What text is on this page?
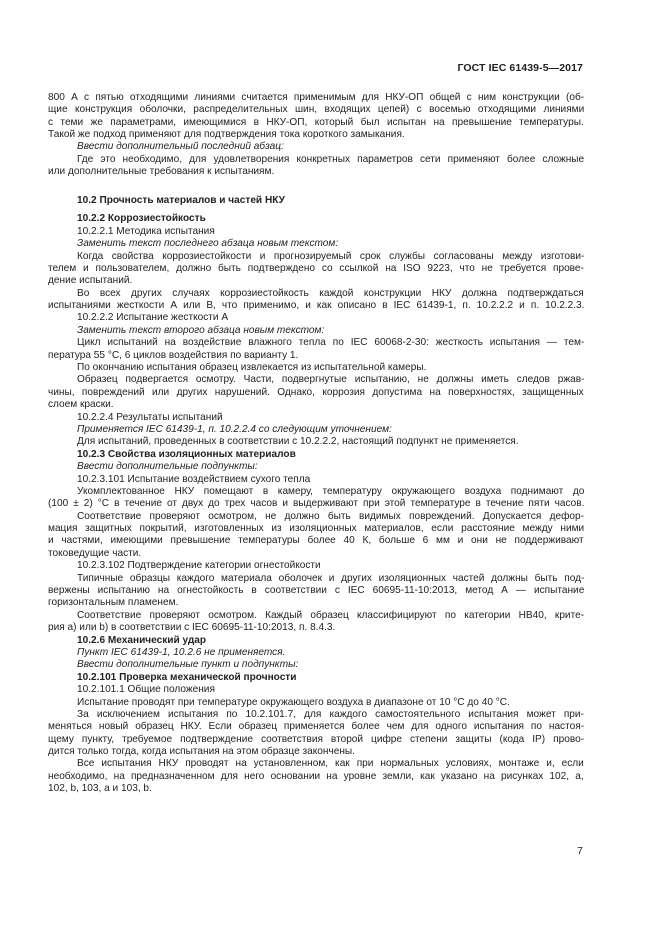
ГОСТ IEC 61439-5—2017
800 А с пятью отходящими линиями считается применимым для НКУ-ОП общей с ним конструкции (об-
щие конструкция оболочки, распределительных шин, входящих цепей) с восемью отходящими линиями
с теми же параметрами, имеющимися в НКУ-ОП, который был испытан на превышение температуры.
Такой же подход применяют для подтверждения тока короткого замыкания.
Ввести дополнительный последний абзац:
Где это необходимо, для удовлетворения конкретных параметров сети применяют более сложные
или дополнительные требования к испытаниям.
10.2 Прочность материалов и частей НКУ
10.2.2 Коррозиестойкость
10.2.2.1 Методика испытания
Заменить текст последнего абзаца новым текстом:
Когда свойства коррозиестойкости и прогнозируемый срок службы согласованы между изготови-
телем и пользователем, должно быть подтверждено со ссылкой на ISO 9223, что не требуется прове-
дение испытаний.
Во всех других случаях коррозиестойкость каждой конструкции НКУ должна подтверждаться
испытаниями жесткости А или В, что применимо, и как описано в IEC 61439-1, п. 10.2.2.2 и п. 10.2.2.3.
10.2.2.2 Испытание жесткости А
Заменить текст второго абзаца новым текстом:
Цикл испытаний на воздействие влажного тепла по IEC 60068-2-30: жесткость испытания — тем-
пература 55 °С, 6 циклов воздействия по варианту 1.
По окончанию испытания образец извлекается из испытательной камеры.
Образец подвергается осмотру. Части, подвергнутые испытанию, не должны иметь следов ржав-
чины, повреждений или других нарушений. Однако, коррозия допустима на поверхностях, защищенных
слоем краски.
10.2.2.4 Результаты испытаний
Применяется IEC 61439-1, п. 10.2.2.4 со следующим уточнением:
Для испытаний, проведенных в соответствии с 10.2.2.2, настоящий подпункт не применяется.
10.2.3 Свойства изоляционных материалов
Ввести дополнительные подпункты:
10.2.3.101 Испытание воздействием сухого тепла
Укомплектованное НКУ помещают в камеру, температуру окружающего воздуха поднимают до
(100 ± 2) °С в течение от двух до трех часов и выдерживают при этой температуре в течение пяти часов.
Соответствие проверяют осмотром, не должно быть видимых повреждений. Допускается дефор-
мация защитных покрытий, изготовленных из изоляционных материалов, если расстояние между ними
и частями, имеющими превышение температуры более 40 К, больше 6 мм и они не поддерживают
токоведущие части.
10.2.3.102 Подтверждение категории огнестойкости
Типичные образцы каждого материала оболочек и других изоляционных частей должны быть под-
вержены испытанию на огнестойкость в соответствии с IEC 60695-11-10:2013, метод А — испытание
горизонтальным пламенем.
Соответствие проверяют осмотром. Каждый образец классифицируют по категории НВ40, крите-
рия а) или b) в соответствии с IEC 60695-11-10:2013, п. 8.4.3.
10.2.6 Механический удар
Пункт IEC 61439-1, 10.2.6 не применяется.
Ввести дополнительные пункт и подпункты:
10.2.101 Проверка механической прочности
10.2.101.1 Общие положения
Испытание проводят при температуре окружающего воздуха в диапазоне от 10 °С до 40 °С.
За исключением испытания по 10.2.101.7, для каждого самостоятельного испытания может при-
меняться новый образец НКУ. Если образец применяется более чем для одного испытания по настоя-
щему пункту, требуемое подтверждение соответствия второй цифре степени защиты (кода IP) прово-
дится только тогда, когда испытания на этом образце закончены.
Все испытания НКУ проводят на установленном, как при нормальных условиях, монтаже и, если
необходимо, на предназначенном для него основании на уровне земли, как указано на рисунках 102, а,
102, b, 103, а и 103, b.
7
